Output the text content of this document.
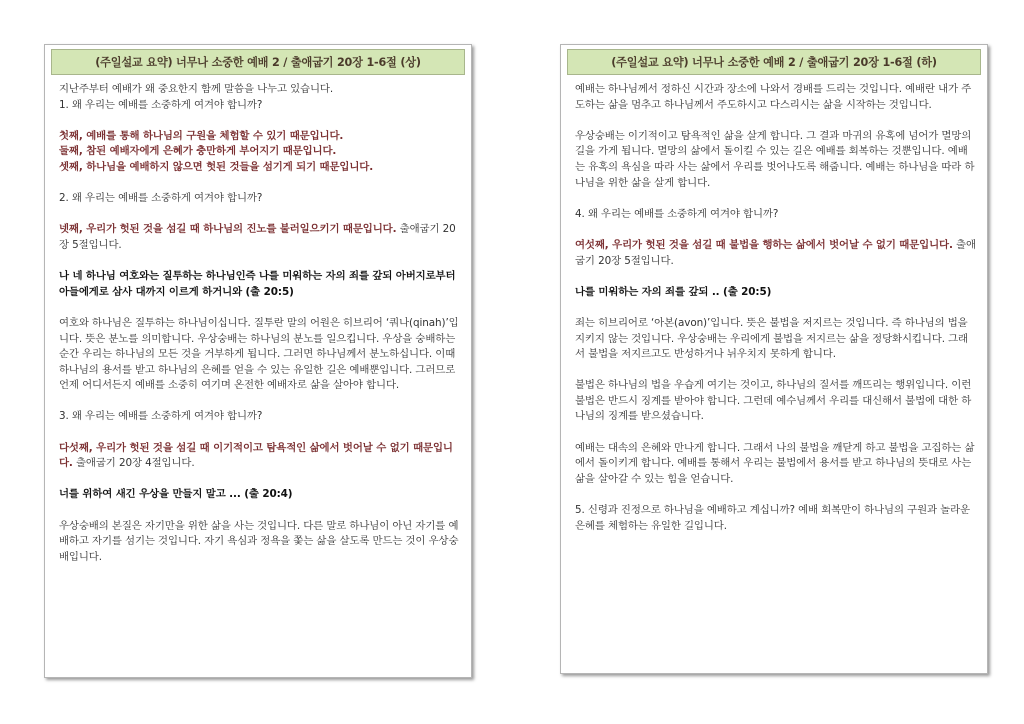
(주일설교 요약) 너무나 소중한 예배 2 / 출애굽기 20장 1-6절 (상)

지난주부터 예배가 왜 중요한지 함께 말씀을 나누고 있습니다.

1. 왜 우리는 예배를 소중하게 여겨야 합니까?

첫째, 예배를 통해 하나님의 구원을 체험할 수 있기 때문입니다.
둘째, 참된 예배자에게 은혜가 충만하게 부어지기 때문입니다.
셋째, 하나님을 예배하지 않으면 헛된 것들을 섬기게 되기 때문입니다.

2. 왜 우리는 예배를 소중하게 여겨야 합니까?

넷째, 우리가 헛된 것을 섬길 때 하나님의 진노를 불러일으키기 때문입니다. 출애굽기 20장 5절입니다.

나 네 하나님 여호와는 질투하는 하나님인즉 나를 미워하는 자의 죄를 갚되 아버지로부터 아들에게로 삼사 대까지 이르게 하거니와 (출 20:5)

여호와 하나님은 질투하는 하나님이십니다. 질투란 말의 어원은 히브리어 ‘쿼나(qinah)’입니다. 뜻은 분노를 의미합니다. 우상숭배는 하나님의 분노를 일으킵니다. 우상을 숭배하는 순간 우리는 하나님의 모든 것을 거부하게 됩니다. 그러면 하나님께서 분노하십니다. 이때 하나님의 용서를 받고 하나님의 은혜를 얻을 수 있는 유일한 길은 예배뿐입니다. 그러므로 언제 어디서든지 예배를 소중히 여기며 온전한 예배자로 삶을 살아야 합니다.

3. 왜 우리는 예배를 소중하게 여겨야 합니까?

다섯째, 우리가 헛된 것을 섬길 때 이기적이고 탐욕적인 삶에서 벗어날 수 없기 때문입니다. 출애굽기 20장 4절입니다.

너를 위하여 새긴 우상을 만들지 말고 ... (출 20:4)

우상숭배의 본질은 자기만을 위한 삶을 사는 것입니다. 다른 말로 하나님이 아닌 자기를 예배하고 자기를 섬기는 것입니다. 자기 욕심과 정욕을 쫓는 삶을 살도록 만드는 것이 우상숭배입니다.

(주일설교 요약) 너무나 소중한 예배 2 / 출애굽기 20장 1-6절 (하)

예배는 하나님께서 정하신 시간과 장소에 나와서 경배를 드리는 것입니다. 예배란 내가 주도하는 삶을 멈추고 하나님께서 주도하시고 다스리시는 삶을 시작하는 것입니다.

우상숭배는 이기적이고 탐욕적인 삶을 살게 합니다. 그 결과 마귀의 유혹에 넘어가 멸망의 길을 가게 됩니다. 멸망의 삶에서 돌이킬 수 있는 길은 예배를 회복하는 것뿐입니다. 예배는 유혹의 욕심을 따라 사는 삶에서 우리를 벗어나도록 해줍니다. 예배는 하나님을 따라 하나님을 위한 삶을 살게 합니다.

4. 왜 우리는 예배를 소중하게 여겨야 합니까?

여섯째, 우리가 헛된 것을 섬길 때 불법을 행하는 삶에서 벗어날 수 없기 때문입니다. 출애굽기 20장 5절입니다.

나를 미워하는 자의 죄를 갚되 .. (출 20:5)

죄는 히브리어로 ‘아본(avon)’입니다. 뜻은 불법을 저지르는 것입니다. 즉 하나님의 법을 지키지 않는 것입니다. 우상숭배는 우리에게 불법을 저지르는 삶을 정당화시킵니다. 그래서 불법을 저지르고도 반성하거나 뉘우치지 못하게 합니다.

불법은 하나님의 법을 우습게 여기는 것이고, 하나님의 질서를 깨뜨리는 행위입니다. 이런 불법은 반드시 징계를 받아야 합니다. 그런데 예수님께서 우리를 대신해서 불법에 대한 하나님의 징계를 받으셨습니다.

예배는 대속의 은혜와 만나게 합니다. 그래서 나의 불법을 깨닫게 하고 불법을 고집하는 삶에서 돌이키게 합니다. 예배를 통해서 우리는 불법에서 용서를 받고 하나님의 뜻대로 사는 삶을 살아갈 수 있는 힘을 얻습니다.

5. 신령과 진정으로 하나님을 예배하고 계십니까? 예배 회복만이 하나님의 구원과 놀라운 은혜를 체험하는 유일한 길입니다.
